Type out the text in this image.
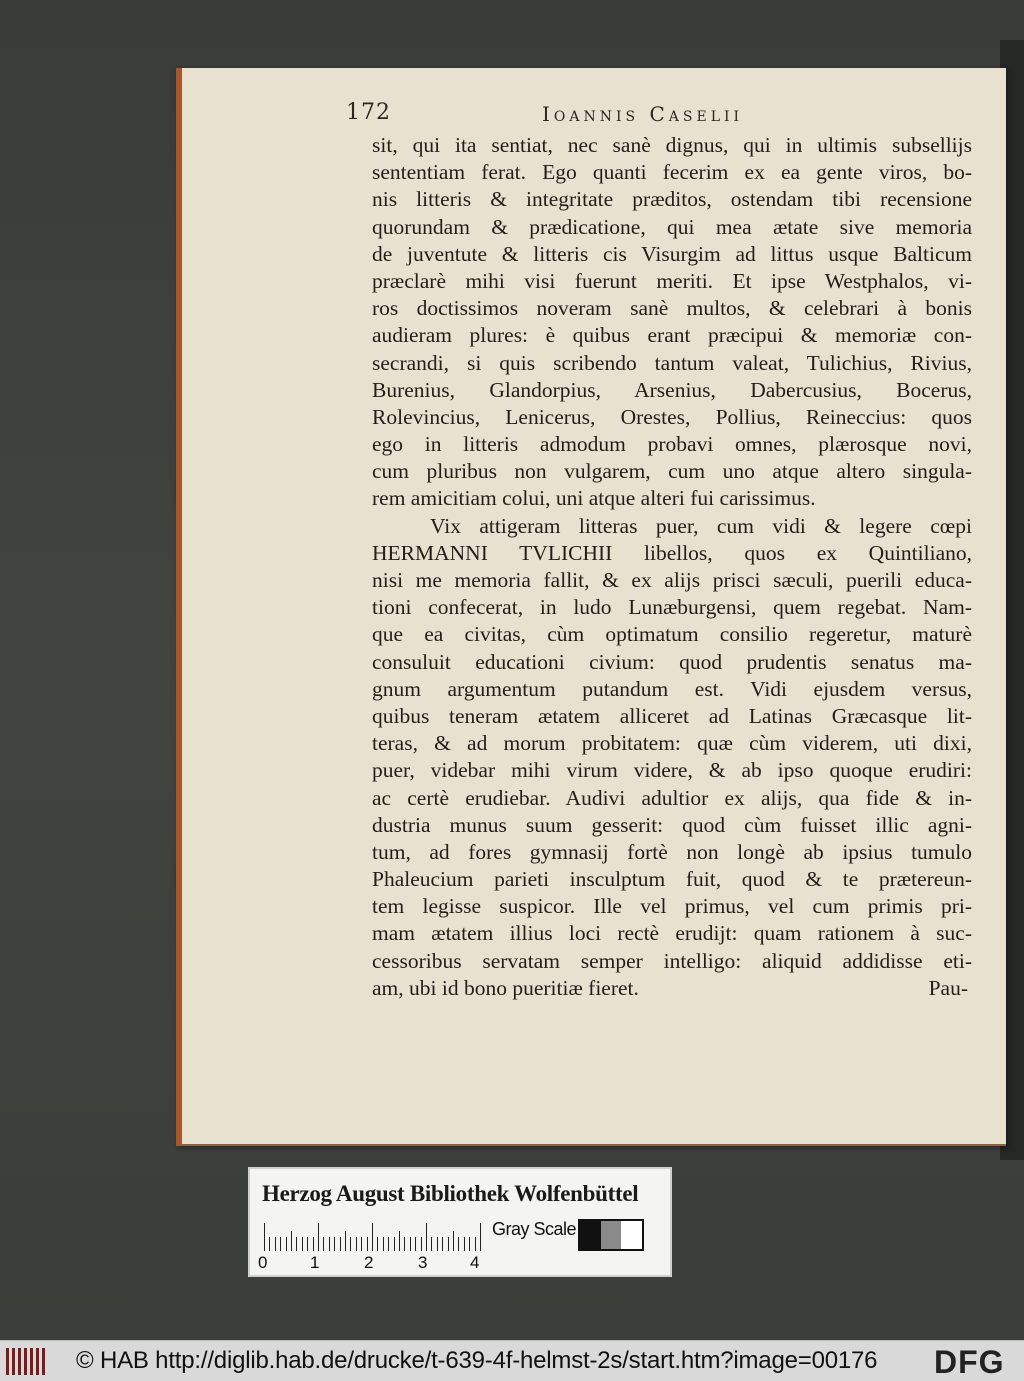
172	Ioannis Caselii
sit, qui ita sentiat, nec sanè dignus, qui in ultimis subsellijs
sententiam ferat. Ego quanti fecerim ex ea gente viros, bo-
nis litteris & integritate præditos, ostendam tibi recensione
quorundam & prædicatione, qui mea ætate sive memoria
de juventute & litteris cis Visurgim ad littus usque Balticum
præclarè mihi visi fuerunt meriti. Et ipse Westphalos, vi-
ros doctissimos noveram sanè multos, & celebrari à bonis
audieram plures: è quibus erant præcipui & memoriæ con-
secrandi, si quis scribendo tantum valeat, Tulichius, Rivius,
Burenius, Glandorpius, Arsenius, Dabercusius, Bocerus,
Rolevincius, Lenicerus, Orestes, Pollius, Reineccius: quos
ego in litteris admodum probavi omnes, plærosque novi,
cum pluribus non vulgarem, cum uno atque altero singula-
rem amicitiam colui, uni atque alteri fui carissimus.
Vix attigeram litteras puer, cum vidi & legere cœpi
HERMANNI TVLICHII libellos, quos ex Quintiliano,
nisi me memoria fallit, & ex alijs prisci sæculi, puerili educa-
tioni confecerat, in ludo Lunæburgensi, quem regebat. Nam-
que ea civitas, cùm optimatum consilio regeretur, maturè
consuluit educationi civium: quod prudentis senatus ma-
gnum argumentum putandum est. Vidi ejusdem versus,
quibus teneram ætatem alliceret ad Latinas Græcasque lit-
teras, & ad morum probitatem: quæ cùm viderem, uti dixi,
puer, videbar mihi virum videre, & ab ipso quoque erudiri:
ac certè erudiebar. Audivi adultior ex alijs, qua fide & in-
dustria munus suum gesserit: quod cùm fuisset illic agni-
tum, ad fores gymnasij fortè non longè ab ipsius tumulo
Phaleucium parieti insculptum fuit, quod & te prætereun-
tem legisse suspicor. Ille vel primus, vel cum primis pri-
mam ætatem illius loci rectè erudijt: quam rationem à suc-
cessoribus servatam semper intelligo: aliquid addidisse eti-
am, ubi id bono pueritiæ fieret.	Pau-
Herzog August Bibliothek Wolfenbüttel
0	1	2	3	4
Gray Scale
© HAB http://diglib.hab.de/drucke/t-639-4f-helmst-2s/start.htm?image=00176 DFG
